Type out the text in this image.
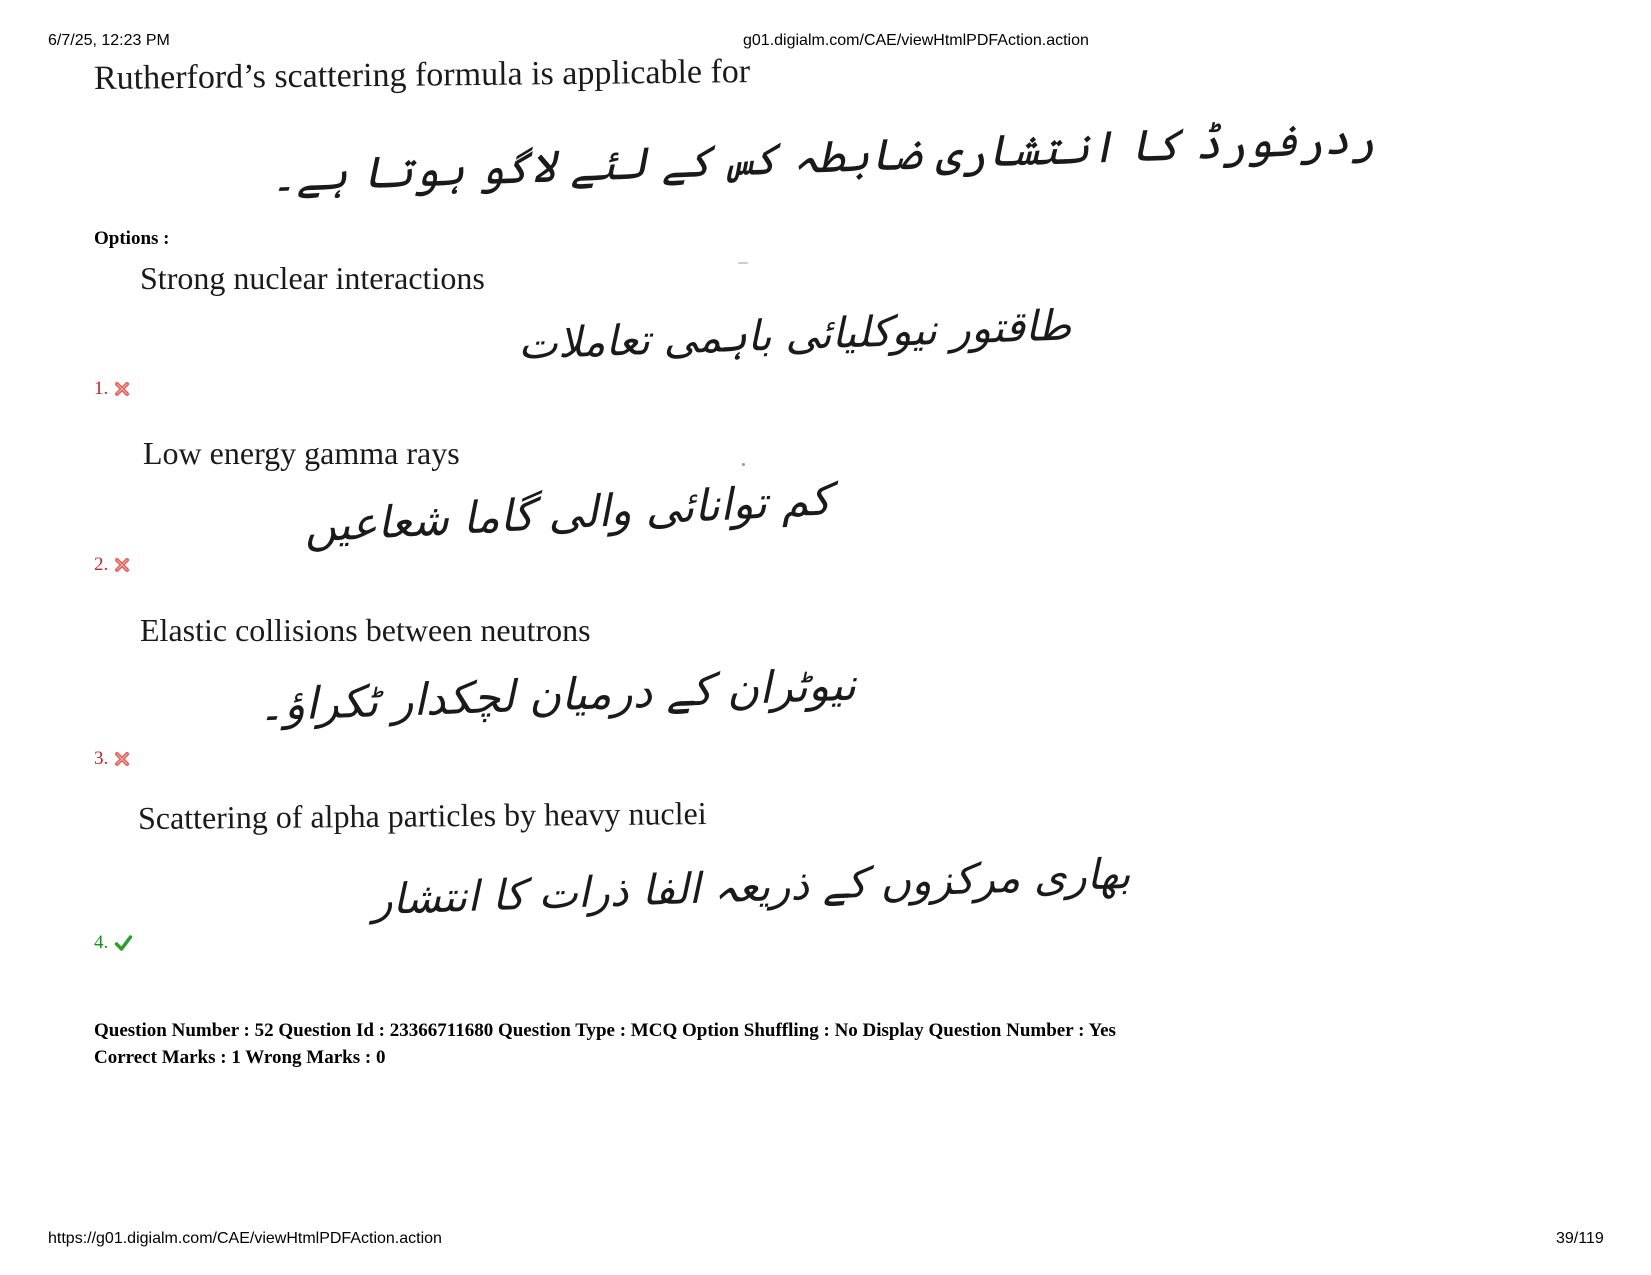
6/7/25, 12:23 PM	g01.digialm.com/CAE/viewHtmlPDFAction.action
Rutherford’s scattering formula is applicable for
ردرفورڈ کا انتشاری ضابطہ کس کے لئے لاگو ہوتا ہے۔
Options :
Strong nuclear interactions
طاقتور نیوکلیائی باہمی تعاملات
1.
Low energy gamma rays
کم توانائی والی گاما شعاعیں
2.
Elastic collisions between neutrons
نیوٹران کے درمیان لچکدار ٹکراؤ۔
3.
Scattering of alpha particles by heavy nuclei
بھاری مرکزوں کے ذریعہ الفا ذرات کا انتشار
4.
Question Number : 52 Question Id : 23366711680 Question Type : MCQ Option Shuffling : No Display Question Number : Yes
Correct Marks : 1 Wrong Marks : 0
https://g01.digialm.com/CAE/viewHtmlPDFAction.action	39/119
